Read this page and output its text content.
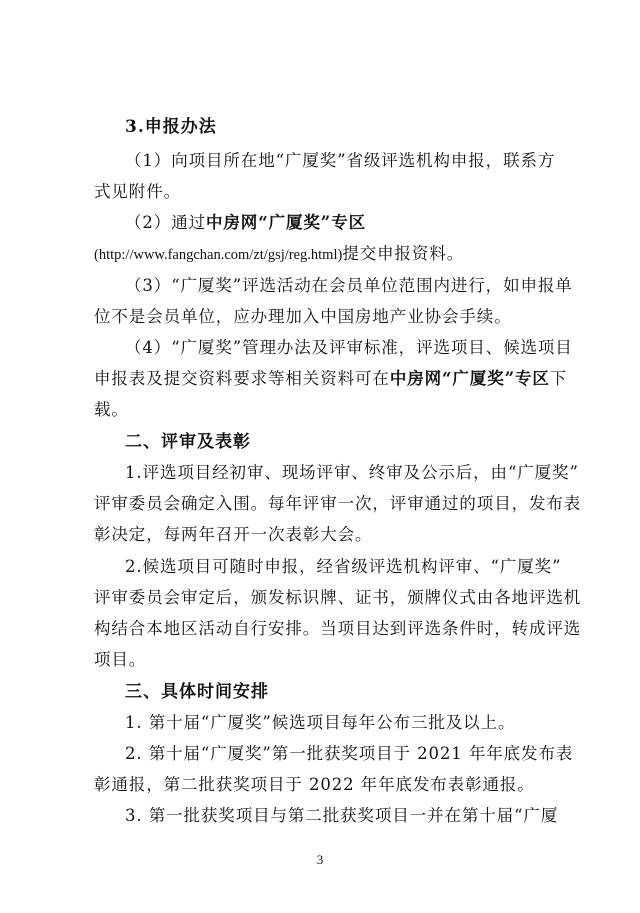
3.申报办法
（1）向项目所在地“广厦奖”省级评选机构申报，联系方
式见附件。
（2）通过中房网“广厦奖”专区
(http://www.fangchan.com/zt/gsj/reg.html)提交申报资料。
（3）“广厦奖”评选活动在会员单位范围内进行，如申报单
位不是会员单位，应办理加入中国房地产业协会手续。
（4）“广厦奖”管理办法及评审标准，评选项目、候选项目
申报表及提交资料要求等相关资料可在中房网“广厦奖”专区下
载。
二、评审及表彰
1.评选项目经初审、现场评审、终审及公示后，由“广厦奖”
评审委员会确定入围。每年评审一次，评审通过的项目，发布表
彰决定，每两年召开一次表彰大会。
2.候选项目可随时申报，经省级评选机构评审、“广厦奖”
评审委员会审定后，颁发标识牌、证书，颁牌仪式由各地评选机
构结合本地区活动自行安排。当项目达到评选条件时，转成评选
项目。
三、具体时间安排
1. 第十届“广厦奖”候选项目每年公布三批及以上。
2. 第十届“广厦奖”第一批获奖项目于 2021 年年底发布表
彰通报，第二批获奖项目于 2022 年年底发布表彰通报。
3. 第一批获奖项目与第二批获奖项目一并在第十届“广厦
3
